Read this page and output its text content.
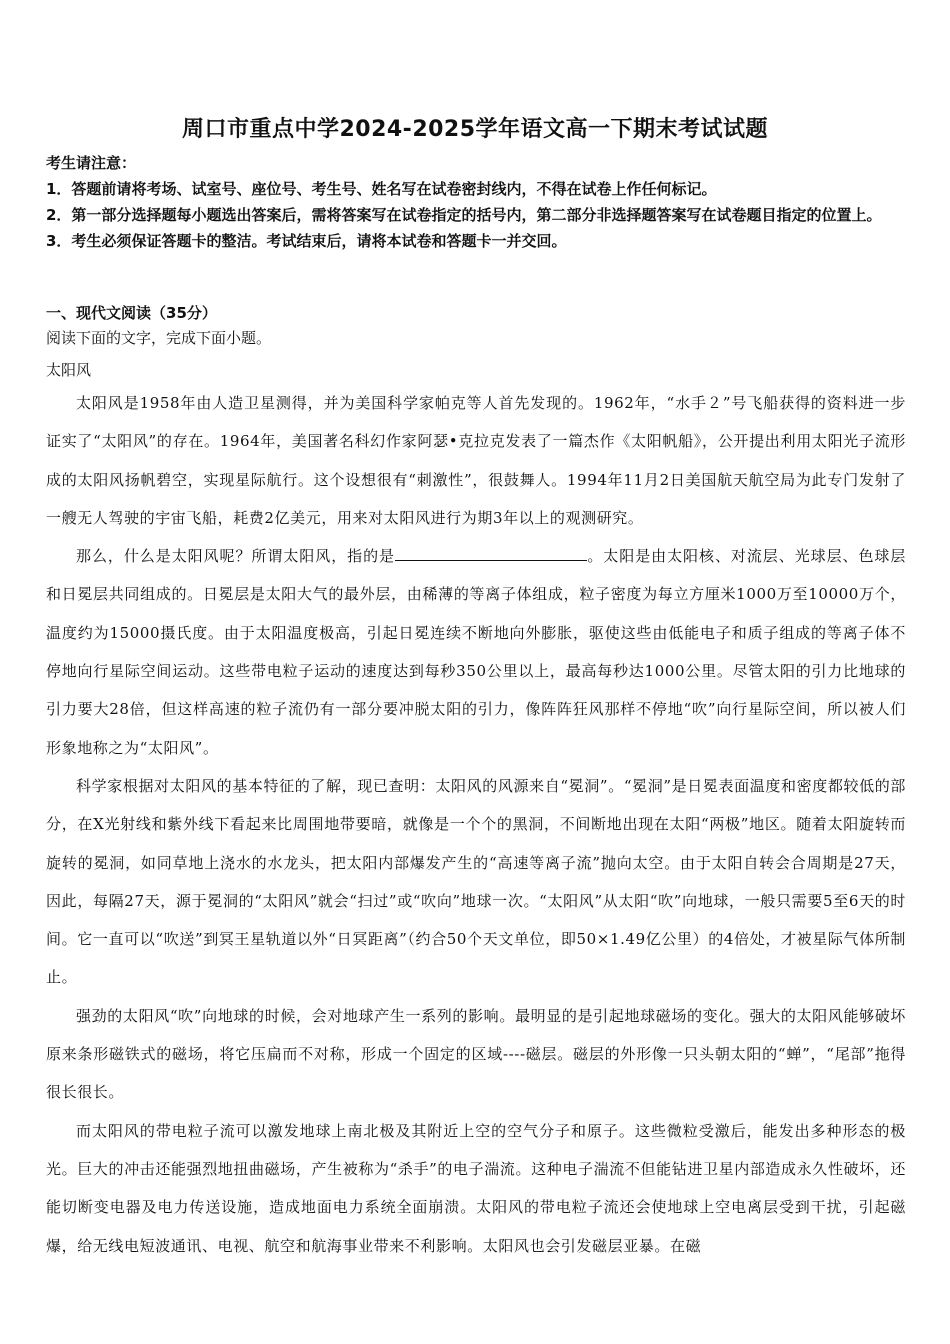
周口市重点中学2024-2025学年语文高一下期末考试试题
考生请注意：
1．答题前请将考场、试室号、座位号、考生号、姓名写在试卷密封线内，不得在试卷上作任何标记。
2．第一部分选择题每小题选出答案后，需将答案写在试卷指定的括号内，第二部分非选择题答案写在试卷题目指定的位置上。
3．考生必须保证答题卡的整洁。考试结束后，请将本试卷和答题卡一并交回。
一、现代文阅读（35分）
阅读下面的文字，完成下面小题。
太阳风

太阳风是1958年由人造卫星测得，并为美国科学家帕克等人首先发现的。1962年，“水手２”号飞船获得的资料进一步证实了“太阳风”的存在。1964年，美国著名科幻作家阿瑟•克拉克发表了一篇杰作《太阳帆船》，公开提出利用太阳光子流形成的太阳风扬帆碧空，实现星际航行。这个设想很有“刺激性”，很鼓舞人。1994年11月2日美国航天航空局为此专门发射了一艘无人驾驶的宇宙飞船，耗费2亿美元，用来对太阳风进行为期3年以上的观测研究。

那么，什么是太阳风呢？所谓太阳风，指的是	。太阳是由太阳核、对流层、光球层、色球层和日冕层共同组成的。日冕层是太阳大气的最外层，由稀薄的等离子体组成，粒子密度为每立方厘米1000万至10000万个，温度约为15000摄氏度。由于太阳温度极高，引起日冕连续不断地向外膨胀，驱使这些由低能电子和质子组成的等离子体不停地向行星际空间运动。这些带电粒子运动的速度达到每秒350公里以上，最高每秒达1000公里。尽管太阳的引力比地球的引力要大28倍，但这样高速的粒子流仍有一部分要冲脱太阳的引力，像阵阵狂风那样不停地“吹”向行星际空间，所以被人们形象地称之为“太阳风”。

科学家根据对太阳风的基本特征的了解，现已查明：太阳风的风源来自“冕洞”。“冕洞”是日冕表面温度和密度都较低的部分，在X光射线和紫外线下看起来比周围地带要暗，就像是一个个的黑洞，不间断地出现在太阳“两极”地区。随着太阳旋转而旋转的冕洞，如同草地上浇水的水龙头，把太阳内部爆发产生的“高速等离子流”抛向太空。由于太阳自转会合周期是27天，因此，每隔27天，源于冕洞的“太阳风”就会“扫过”或“吹向”地球一次。“太阳风”从太阳“吹”向地球，一般只需要5至6天的时间。它一直可以“吹送”到冥王星轨道以外“日冥距离”（约合50个天文单位，即50×1.49亿公里）的4倍处，才被星际气体所制止。

强劲的太阳风“吹”向地球的时候，会对地球产生一系列的影响。最明显的是引起地球磁场的变化。强大的太阳风能够破坏原来条形磁铁式的磁场，将它压扁而不对称，形成一个固定的区域----磁层。磁层的外形像一只头朝太阳的“蝉”，“尾部”拖得很长很长。

而太阳风的带电粒子流可以激发地球上南北极及其附近上空的空气分子和原子。这些微粒受激后，能发出多种形态的极光。巨大的冲击还能强烈地扭曲磁场，产生被称为“杀手”的电子湍流。这种电子湍流不但能钻进卫星内部造成永久性破坏，还能切断变电器及电力传送设施，造成地面电力系统全面崩溃。太阳风的带电粒子流还会使地球上空电离层受到干扰，引起磁爆，给无线电短波通讯、电视、航空和航海事业带来不利影响。太阳风也会引发磁层亚暴。在磁
